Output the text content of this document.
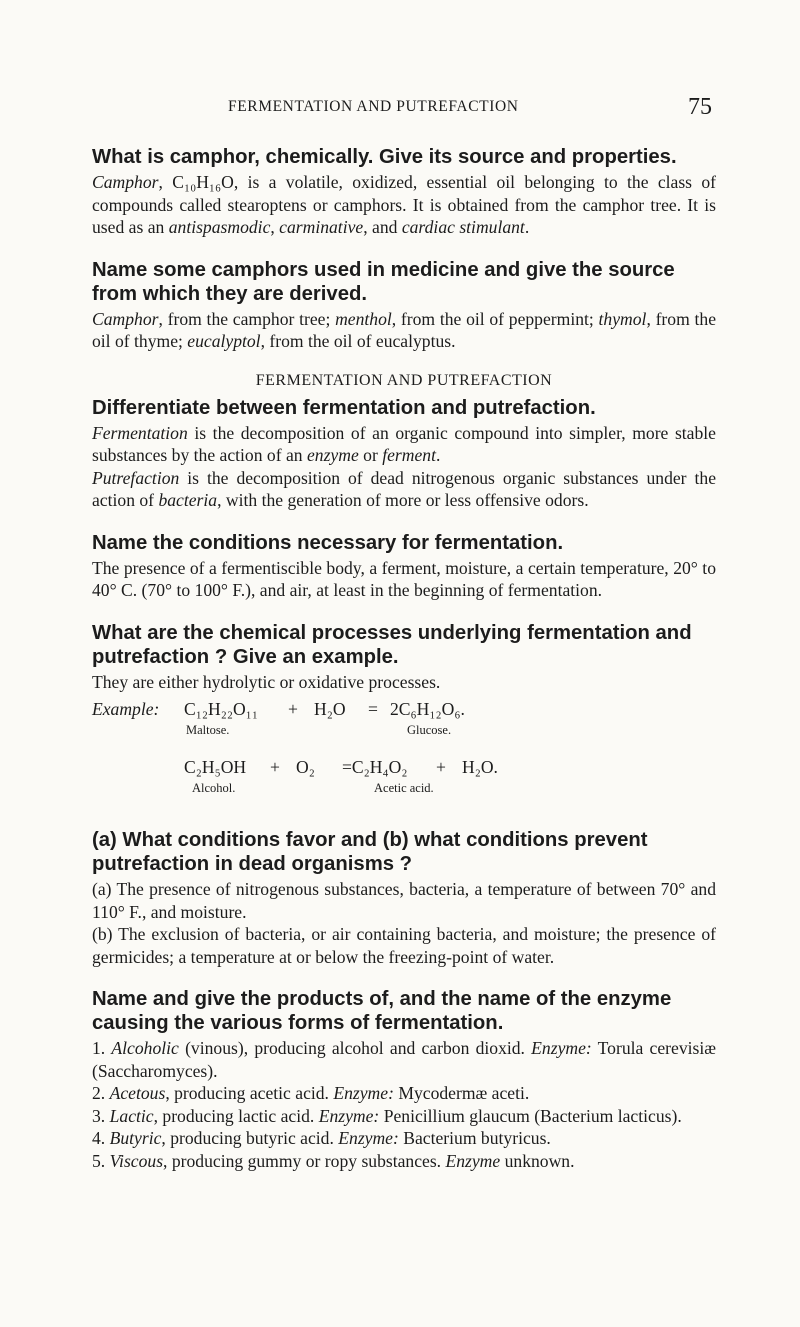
FERMENTATION AND PUTREFACTION	75

What is camphor, chemically. Give its source and properties.

Camphor, C₁₀H₁₆O, is a volatile, oxidized, essential oil belonging to the class of compounds called stearoptens or camphors. It is obtained from the camphor tree. It is used as an antispasmodic, carminative, and cardiac stimulant.

Name some camphors used in medicine and give the source from which they are derived.

Camphor, from the camphor tree; menthol, from the oil of peppermint; thymol, from the oil of thyme; eucalyptol, from the oil of eucalyptus.

FERMENTATION AND PUTREFACTION

Differentiate between fermentation and putrefaction.

Fermentation is the decomposition of an organic compound into simpler, more stable substances by the action of an enzyme or ferment.
Putrefaction is the decomposition of dead nitrogenous organic substances under the action of bacteria, with the generation of more or less offensive odors.

Name the conditions necessary for fermentation.

The presence of a fermentiscible body, a ferment, moisture, a certain temperature, 20° to 40° C. (70° to 100° F.), and air, at least in the beginning of fermentation.

What are the chemical processes underlying fermentation and putrefaction ? Give an example.

They are either hydrolytic or oxidative processes.

Example: C₁₂H₂₂O₁₁ + H₂O = 2C₆H₁₂O₆.
Maltose.	Glucose.
C₂H₅OH + O₂ =C₂H₄O₂ + H₂O.
Alcohol.	Acetic acid.

(a) What conditions favor and (b) what conditions prevent putrefaction in dead organisms ?

(a) The presence of nitrogenous substances, bacteria, a temperature of between 70° and 110° F., and moisture.

(b) The exclusion of bacteria, or air containing bacteria, and moisture; the presence of germicides; a temperature at or below the freezing-point of water.

Name and give the products of, and the name of the enzyme causing the various forms of fermentation.

1. Alcoholic (vinous), producing alcohol and carbon dioxid. Enzyme: Torula cerevisiæ (Saccharomyces).

2. Acetous, producing acetic acid. Enzyme: Mycodermæ aceti.

3. Lactic, producing lactic acid. Enzyme: Penicillium glaucum (Bacterium lacticus).

4. Butyric, producing butyric acid. Enzyme: Bacterium butyricus.

5. Viscous, producing gummy or ropy substances. Enzyme unknown.
